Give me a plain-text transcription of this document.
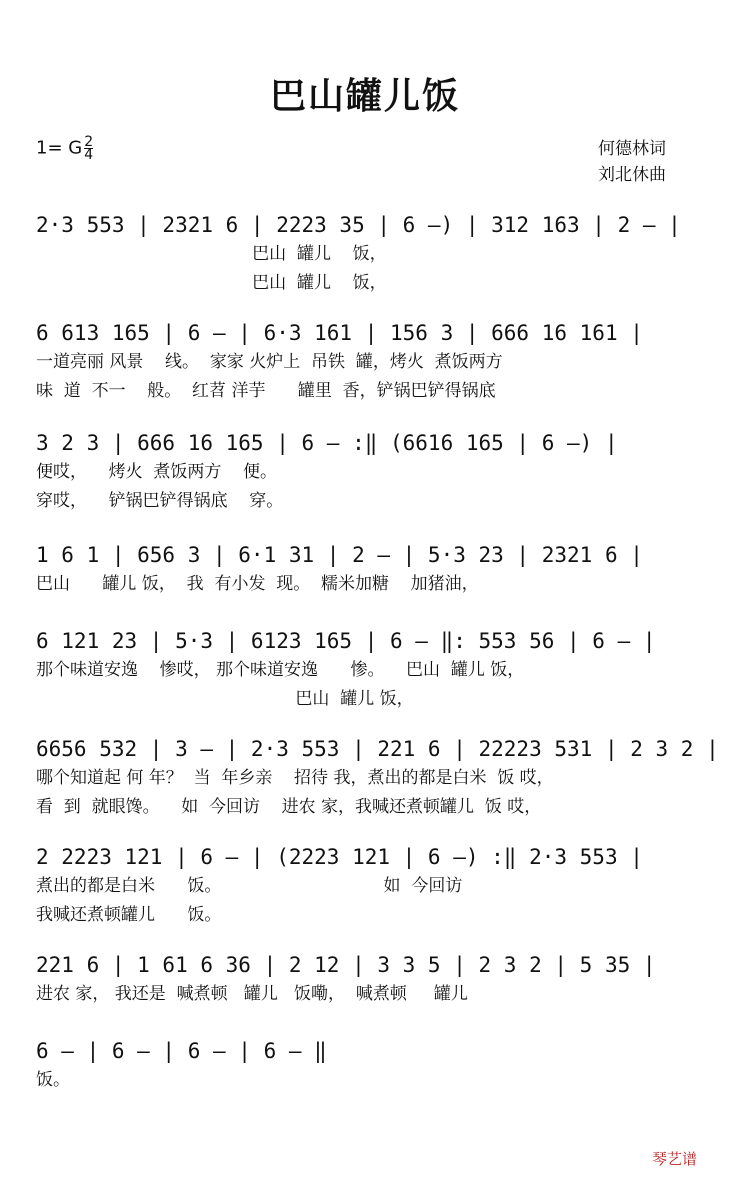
巴山罐儿饭
1= G $\frac{2}{4}$	何德林词
刘北休曲
2·3 553 | 2321 6 | 2223 35 | 6 –) | 312 163 | 2 – |
巴山  罐儿    饭，
巴山  罐儿    饭，
6 613 165 | 6 – | 6·3 161 | 156 3 | 666 16 161 |
一道亮丽 风景    线。  家家 火炉上  吊铁  罐，烤火  煮饭两方
味  道  不一    般。  红苕 洋芋      罐里  香，铲锅巴铲得锅底
3 2 3 | 666 16 165 | 6 – :‖ (6616 165 | 6 –) |
便哎，    烤火  煮饭两方    便。
穿哎，    铲锅巴铲得锅底    穿。
1 6 1 | 656 3 | 6·1 31 | 2 – | 5·3 23 | 2321 6 |
巴山      罐儿 饭，  我  有小发  现。  糯米加糖    加猪油，
6 121 23 | 5·3 | 6123 165 | 6 – ‖: 553 56 | 6 – |
那个味道安逸    惨哎， 那个味道安逸      惨。    巴山  罐儿 饭，
巴山  罐儿 饭，
6656 532 | 3 – | 2·3 553 | 221 6 | 22223 531 | 2 3 2 |
哪个知道起 何 年？  当  年乡亲    招待 我，煮出的都是白米  饭 哎，
看  到  就眼馋。    如  今回访    进农 家，我喊还煮顿罐儿  饭 哎，
2 2223 121 | 6 – | (2223 121 | 6 –) :‖ 2·3 553 |
煮出的都是白米      饭。                              如  今回访
我喊还煮顿罐儿      饭。
221 6 | 1 61 6 36 | 2 12 | 3 3 5 | 2 3 2 | 5 35 |
进农 家， 我还是  喊煮顿   罐儿   饭嘞，  喊煮顿     罐儿
6 – | 6 – | 6 – | 6 – ‖
饭。
琴艺谱
